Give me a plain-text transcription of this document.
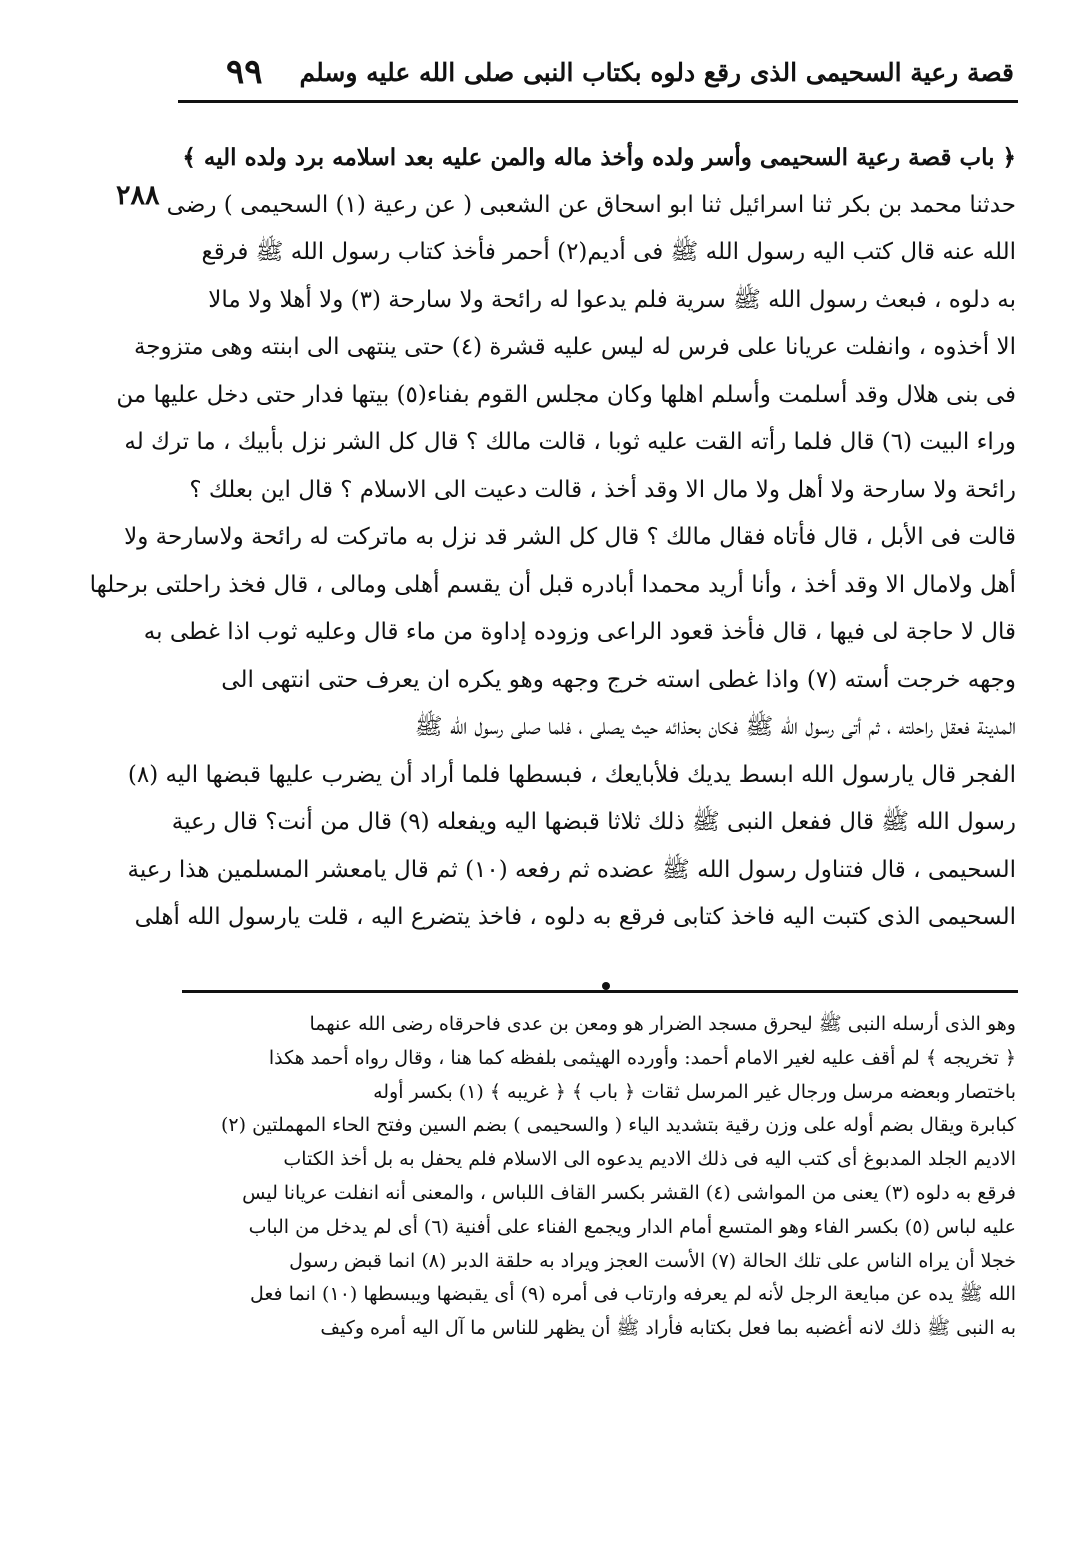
قصة رعية السحيمى الذى رقع دلوه بكتاب النبى صلى الله عليه وسلم
٩٩
٢٨٨
﴿ باب قصة رعية السحيمى وأسر ولده وأخذ ماله والمن عليه بعد اسلامه برد ولده اليه ﴾
حدثنا محمد بن بكر ثنا اسرائيل ثنا ابو اسحاق عن الشعبى ( عن رعية (١) السحيمى ) رضى
الله عنه قال كتب اليه رسول الله ﷺ فى أديم(٢) أحمر فأخذ كتاب رسول الله ﷺ فرقع
به دلوه ، فبعث رسول الله ﷺ سرية فلم يدعوا له رائحة ولا سارحة (٣) ولا أهلا ولا مالا
الا أخذوه ، وانفلت عريانا على فرس له ليس عليه قشرة (٤) حتى ينتهى الى ابنته وهى متزوجة
فى بنى هلال وقد أسلمت وأسلم اهلها وكان مجلس القوم بفناء(٥) بيتها فدار حتى دخل عليها من
وراء البيت (٦) قال فلما رأته القت عليه ثوبا ، قالت مالك ؟ قال كل الشر نزل بأبيك ، ما ترك له
رائحة ولا سارحة ولا أهل ولا مال الا وقد أخذ ، قالت دعيت الى الاسلام ؟ قال اين بعلك ؟
قالت فى الأبل ، قال فأتاه فقال مالك ؟ قال كل الشر قد نزل به ماتركت له رائحة ولاسارحة ولا
أهل ولامال الا وقد أخذ ، وأنا أريد محمدا أبادره قبل أن يقسم أهلى ومالى ، قال فخذ راحلتى برحلها
قال لا حاجة لى فيها ، قال فأخذ قعود الراعى وزوده إداوة من ماء قال وعليه ثوب اذا غطى به
وجهه خرجت أسته (٧) واذا غطى استه خرج وجهه وهو يكره ان يعرف حتى انتهى الى
المدينة فعقل راحلته ، ثم أتى رسول الله ﷺ فكان بحذائه حيث يصلى ، فلما صلى رسول الله ﷺ
الفجر قال يارسول الله ابسط يديك فلأبايعك ، فبسطها فلما أراد أن يضرب عليها قبضها اليه (٨)
رسول الله ﷺ قال ففعل النبى ﷺ ذلك ثلاثا قبضها اليه ويفعله (٩) قال من أنت؟ قال رعية
السحيمى ، قال فتناول رسول الله ﷺ عضده ثم رفعه (١٠) ثم قال يامعشر المسلمين هذا رعية
السحيمى الذى كتبت اليه فاخذ كتابى فرقع به دلوه ، فاخذ يتضرع اليه ، قلت يارسول الله أهلى
وهو الذى أرسله النبى ﷺ ليحرق مسجد الضرار هو ومعن بن عدى فاحرقاه رضى الله عنهما
﴿ تخريجه ﴾ لم أقف عليه لغير الامام أحمد: وأورده الهيثمى بلفظه كما هنا ، وقال رواه أحمد هكذا
باختصار وبعضه مرسل ورجال غير المرسل ثقات ﴿ باب ﴾ ﴿ غريبه ﴾ (١) بكسر أوله
كبابرة ويقال بضم أوله على وزن رقية بتشديد الياء ( والسحيمى ) بضم السين وفتح الحاء المهملتين (٢)
الاديم الجلد المدبوغ أى كتب اليه فى ذلك الاديم يدعوه الى الاسلام فلم يحفل به بل أخذ الكتاب
فرقع به دلوه (٣) يعنى من المواشى (٤) القشر بكسر القاف اللباس ، والمعنى أنه انفلت عريانا ليس
عليه لباس (٥) بكسر الفاء وهو المتسع أمام الدار ويجمع الفناء على أفنية (٦) أى لم يدخل من الباب
خجلا أن يراه الناس على تلك الحالة (٧) الأست العجز ويراد به حلقة الدبر (٨) انما قبض رسول
الله ﷺ يده عن مبايعة الرجل لأنه لم يعرفه وارتاب فى أمره (٩) أى يقبضها ويبسطها (١٠) انما فعل
به النبى ﷺ ذلك لانه أغضبه بما فعل بكتابه فأراد ﷺ أن يظهر للناس ما آل اليه أمره وكيف
